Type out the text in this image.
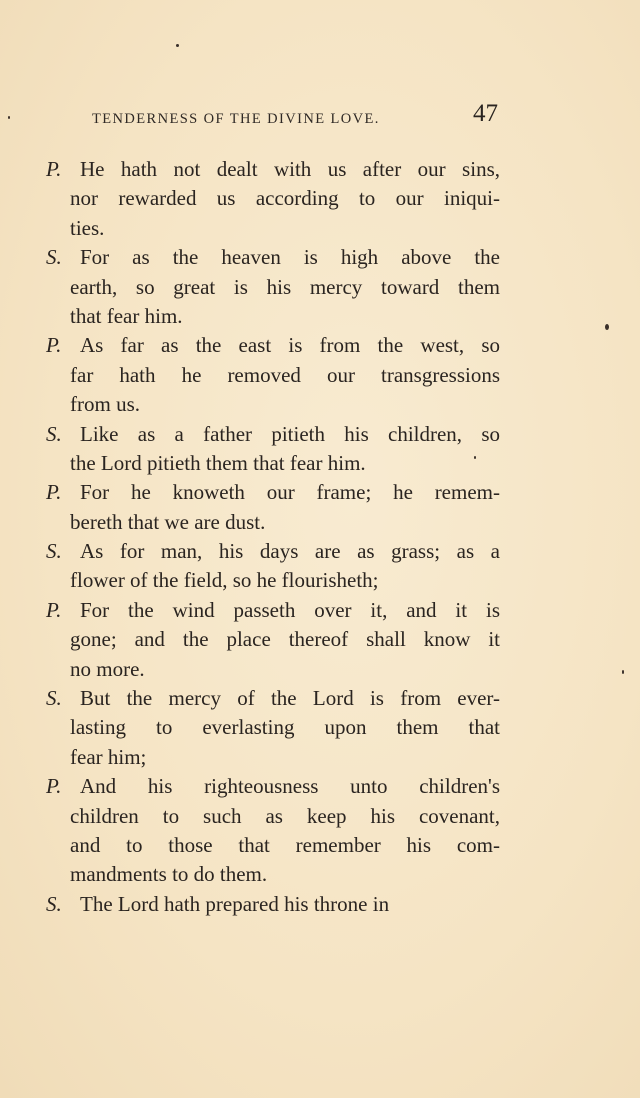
TENDERNESS OF THE DIVINE LOVE.	47
P. He hath not dealt with us after our sins,
nor rewarded us according to our iniqui-
ties.
S. For as the heaven is high above the
earth, so great is his mercy toward them
that fear him.
P. As far as the east is from the west, so
far hath he removed our transgressions
from us.
S. Like as a father pitieth his children, so
the Lord pitieth them that fear him.
P. For he knoweth our frame; he remem-
bereth that we are dust.
S. As for man, his days are as grass; as a
flower of the field, so he flourisheth;
P. For the wind passeth over it, and it is
gone; and the place thereof shall know it
no more.
S. But the mercy of the Lord is from ever-
lasting to everlasting upon them that
fear him;
P. And his righteousness unto children's
children to such as keep his covenant,
and to those that remember his com-
mandments to do them.
S. The Lord hath prepared his throne in
